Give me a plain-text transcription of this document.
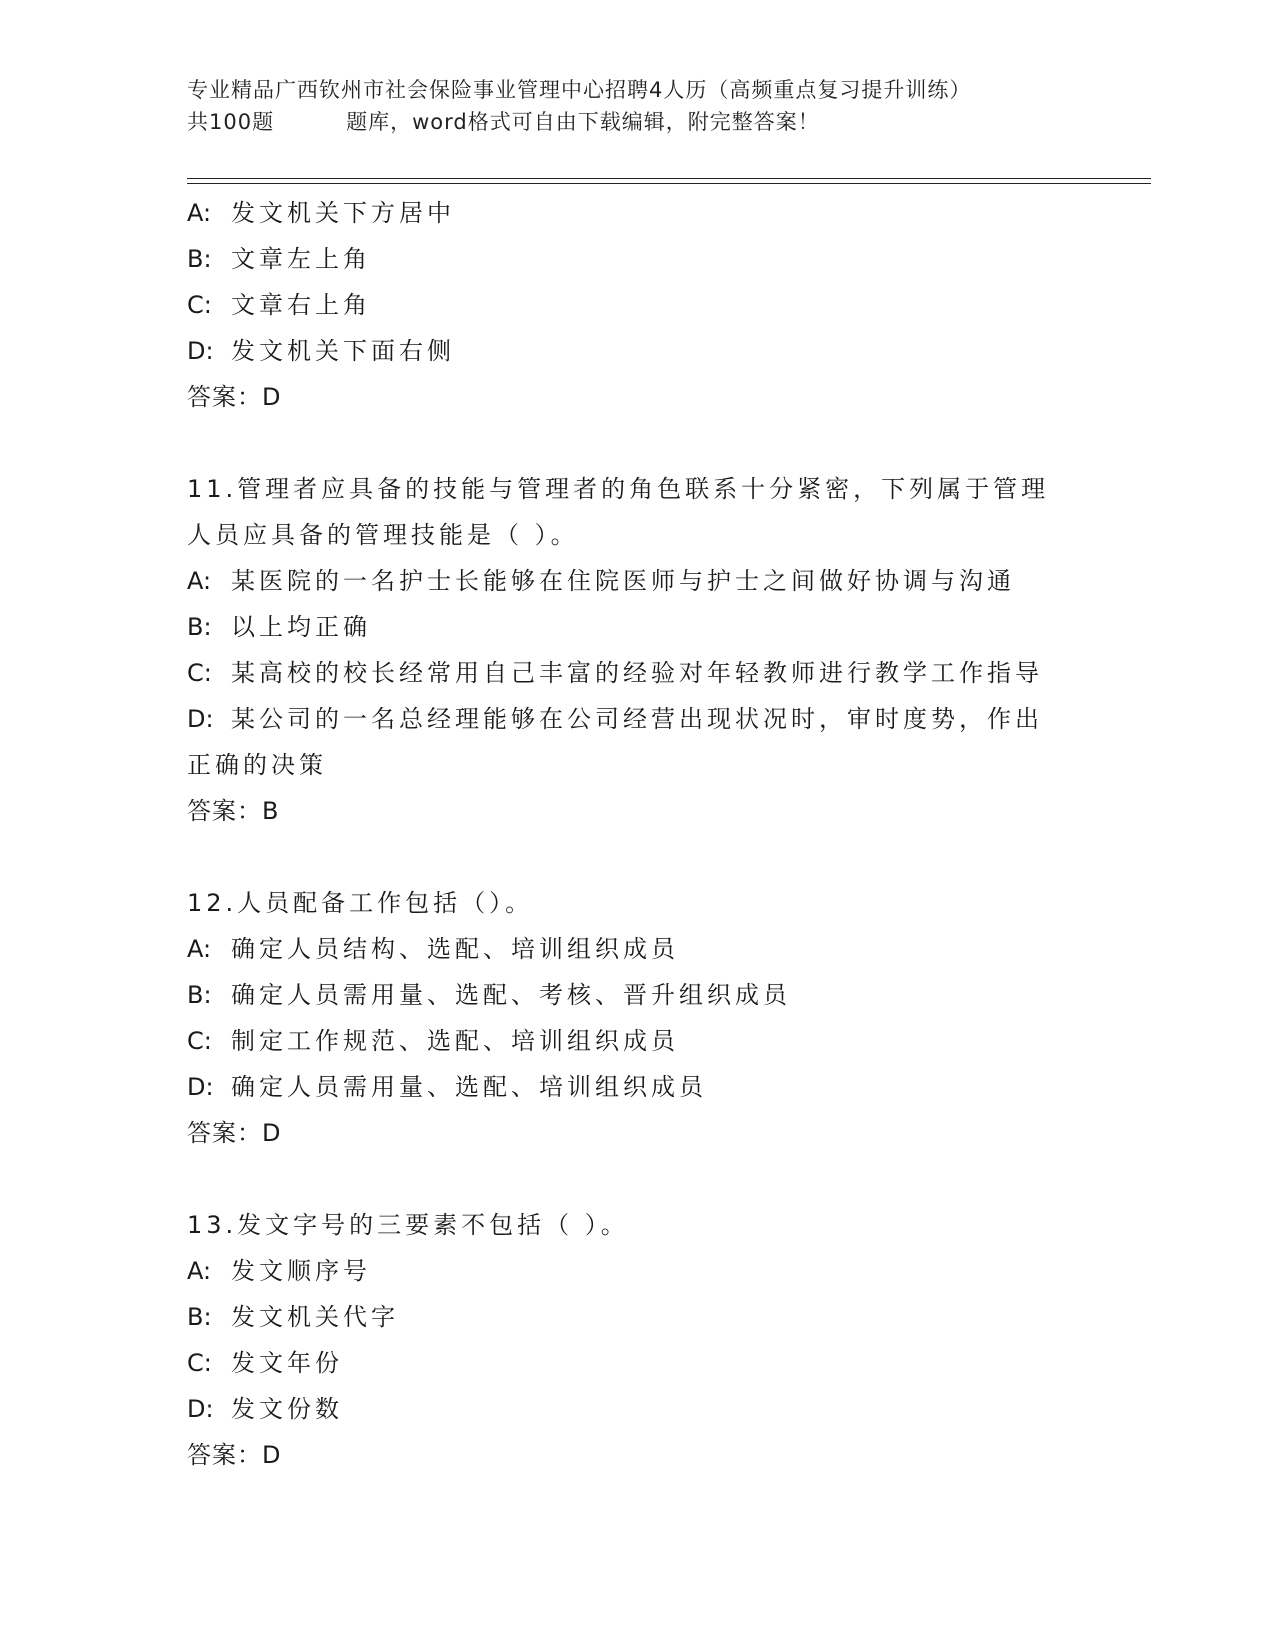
专业精品广西钦州市社会保险事业管理中心招聘4人历（高频重点复习提升训练）
共100题	题库，word格式可自由下载编辑，附完整答案！
A: 发文机关下方居中
B: 文章左上角
C: 文章右上角
D: 发文机关下面右侧
答案：D
11.管理者应具备的技能与管理者的角色联系十分紧密，下列属于管理
人员应具备的管理技能是（ ）。
A: 某医院的一名护士长能够在住院医师与护士之间做好协调与沟通
B: 以上均正确
C: 某高校的校长经常用自己丰富的经验对年轻教师进行教学工作指导
D: 某公司的一名总经理能够在公司经营出现状况时，审时度势，作出
正确的决策
答案：B
12.人员配备工作包括（）。
A: 确定人员结构、选配、培训组织成员
B: 确定人员需用量、选配、考核、晋升组织成员
C: 制定工作规范、选配、培训组织成员
D: 确定人员需用量、选配、培训组织成员
答案：D
13.发文字号的三要素不包括（ ）。
A: 发文顺序号
B: 发文机关代字
C: 发文年份
D: 发文份数
答案：D
